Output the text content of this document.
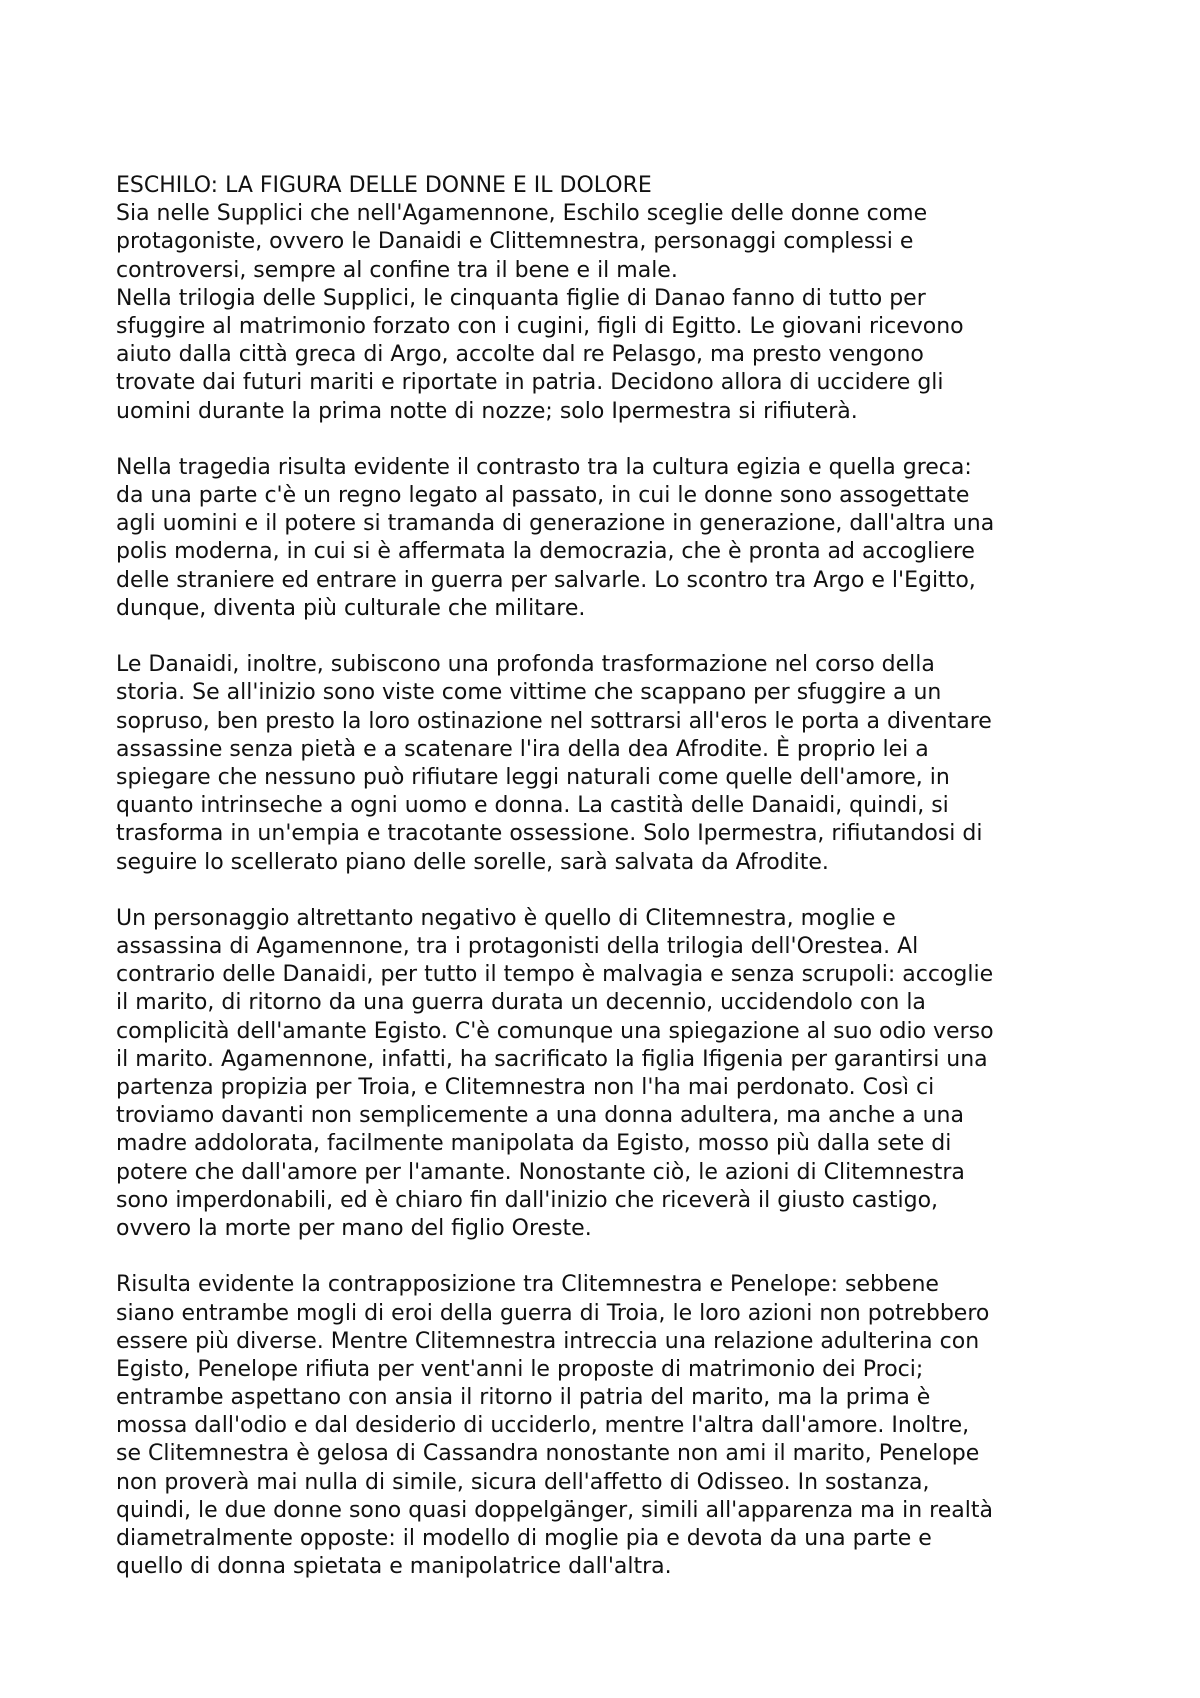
ESCHILO: LA FIGURA DELLE DONNE E IL DOLORE
Sia nelle Supplici che nell'Agamennone, Eschilo sceglie delle donne come
protagoniste, ovvero le Danaidi e Clittemnestra, personaggi complessi e
controversi, sempre al confine tra il bene e il male.
Nella trilogia delle Supplici, le cinquanta figlie di Danao fanno di tutto per
sfuggire al matrimonio forzato con i cugini, figli di Egitto. Le giovani ricevono
aiuto dalla città greca di Argo, accolte dal re Pelasgo, ma presto vengono
trovate dai futuri mariti e riportate in patria. Decidono allora di uccidere gli
uomini durante la prima notte di nozze; solo Ipermestra si rifiuterà.
Nella tragedia risulta evidente il contrasto tra la cultura egizia e quella greca:
da una parte c'è un regno legato al passato, in cui le donne sono assogettate
agli uomini e il potere si tramanda di generazione in generazione, dall'altra una
polis moderna, in cui si è affermata la democrazia, che è pronta ad accogliere
delle straniere ed entrare in guerra per salvarle. Lo scontro tra Argo e l'Egitto,
dunque, diventa più culturale che militare.
Le Danaidi, inoltre, subiscono una profonda trasformazione nel corso della
storia. Se all'inizio sono viste come vittime che scappano per sfuggire a un
sopruso, ben presto la loro ostinazione nel sottrarsi all'eros le porta a diventare
assassine senza pietà e a scatenare l'ira della dea Afrodite. È proprio lei a
spiegare che nessuno può rifiutare leggi naturali come quelle dell'amore, in
quanto intrinseche a ogni uomo e donna. La castità delle Danaidi, quindi, si
trasforma in un'empia e tracotante ossessione. Solo Ipermestra, rifiutandosi di
seguire lo scellerato piano delle sorelle, sarà salvata da Afrodite.
Un personaggio altrettanto negativo è quello di Clitemnestra, moglie e
assassina di Agamennone, tra i protagonisti della trilogia dell'Orestea. Al
contrario delle Danaidi, per tutto il tempo è malvagia e senza scrupoli: accoglie
il marito, di ritorno da una guerra durata un decennio, uccidendolo con la
complicità dell'amante Egisto. C'è comunque una spiegazione al suo odio verso
il marito. Agamennone, infatti, ha sacrificato la figlia Ifigenia per garantirsi una
partenza propizia per Troia, e Clitemnestra non l'ha mai perdonato. Così ci
troviamo davanti non semplicemente a una donna adultera, ma anche a una
madre addolorata, facilmente manipolata da Egisto, mosso più dalla sete di
potere che dall'amore per l'amante. Nonostante ciò, le azioni di Clitemnestra
sono imperdonabili, ed è chiaro fin dall'inizio che riceverà il giusto castigo,
ovvero la morte per mano del figlio Oreste.
Risulta evidente la contrapposizione tra Clitemnestra e Penelope: sebbene
siano entrambe mogli di eroi della guerra di Troia, le loro azioni non potrebbero
essere più diverse. Mentre Clitemnestra intreccia una relazione adulterina con
Egisto, Penelope rifiuta per vent'anni le proposte di matrimonio dei Proci;
entrambe aspettano con ansia il ritorno il patria del marito, ma la prima è
mossa dall'odio e dal desiderio di ucciderlo, mentre l'altra dall'amore. Inoltre,
se Clitemnestra è gelosa di Cassandra nonostante non ami il marito, Penelope
non proverà mai nulla di simile, sicura dell'affetto di Odisseo. In sostanza,
quindi, le due donne sono quasi doppelgänger, simili all'apparenza ma in realtà
diametralmente opposte: il modello di moglie pia e devota da una parte e
quello di donna spietata e manipolatrice dall'altra.
